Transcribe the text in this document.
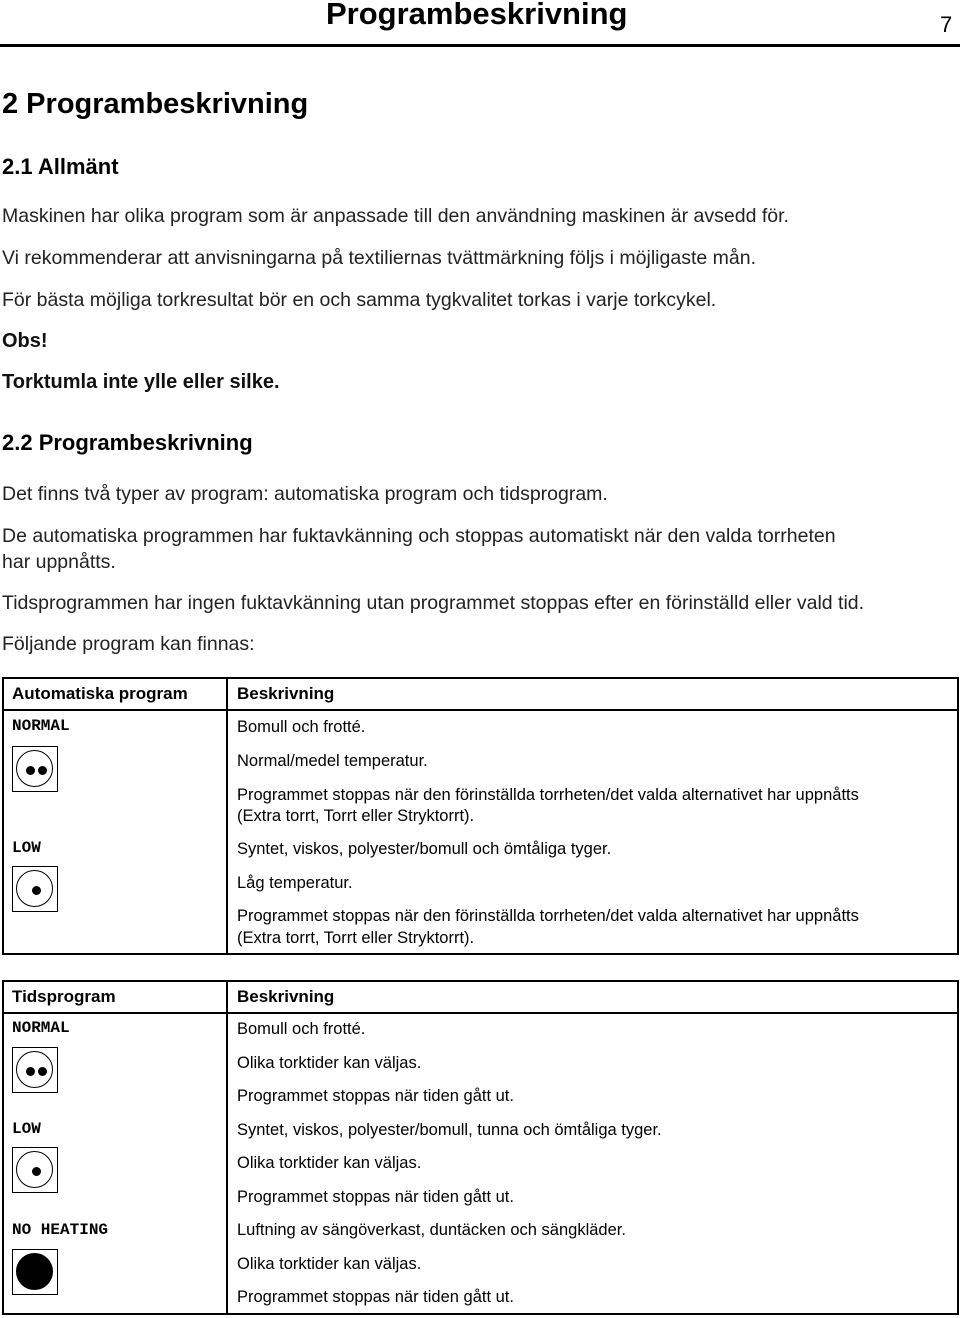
Programbeskrivning	7
2 Programbeskrivning
2.1 Allmänt
Maskinen har olika program som är anpassade till den användning maskinen är avsedd för.
Vi rekommenderar att anvisningarna på textiliernas tvättmärkning följs i möjligaste mån.
För bästa möjliga torkresultat bör en och samma tygkvalitet torkas i varje torkcykel.
Obs!
Torktumla inte ylle eller silke.
2.2 Programbeskrivning
Det finns två typer av program: automatiska program och tidsprogram.
De automatiska programmen har fuktavkänning och stoppas automatiskt när den valda torrheten
har uppnåtts.
Tidsprogrammen har ingen fuktavkänning utan programmet stoppas efter en förinställd eller vald tid.
Följande program kan finnas:
Automatiska program	Beskrivning
NORMAL	Bomull och frotté.
Normal/medel temperatur.
Programmet stoppas när den förinställda torrheten/det valda alternativet har uppnåtts
(Extra torrt, Torrt eller Stryktorrt).
LOW	Syntet, viskos, polyester/bomull och ömtåliga tyger.
Låg temperatur.
Programmet stoppas när den förinställda torrheten/det valda alternativet har uppnåtts
(Extra torrt, Torrt eller Stryktorrt).
Tidsprogram	Beskrivning
NORMAL	Bomull och frotté.
Olika torktider kan väljas.
Programmet stoppas när tiden gått ut.
LOW	Syntet, viskos, polyester/bomull, tunna och ömtåliga tyger.
Olika torktider kan väljas.
Programmet stoppas när tiden gått ut.
NO HEATING	Luftning av sängöverkast, duntäcken och sängkläder.
Olika torktider kan väljas.
Programmet stoppas när tiden gått ut.
